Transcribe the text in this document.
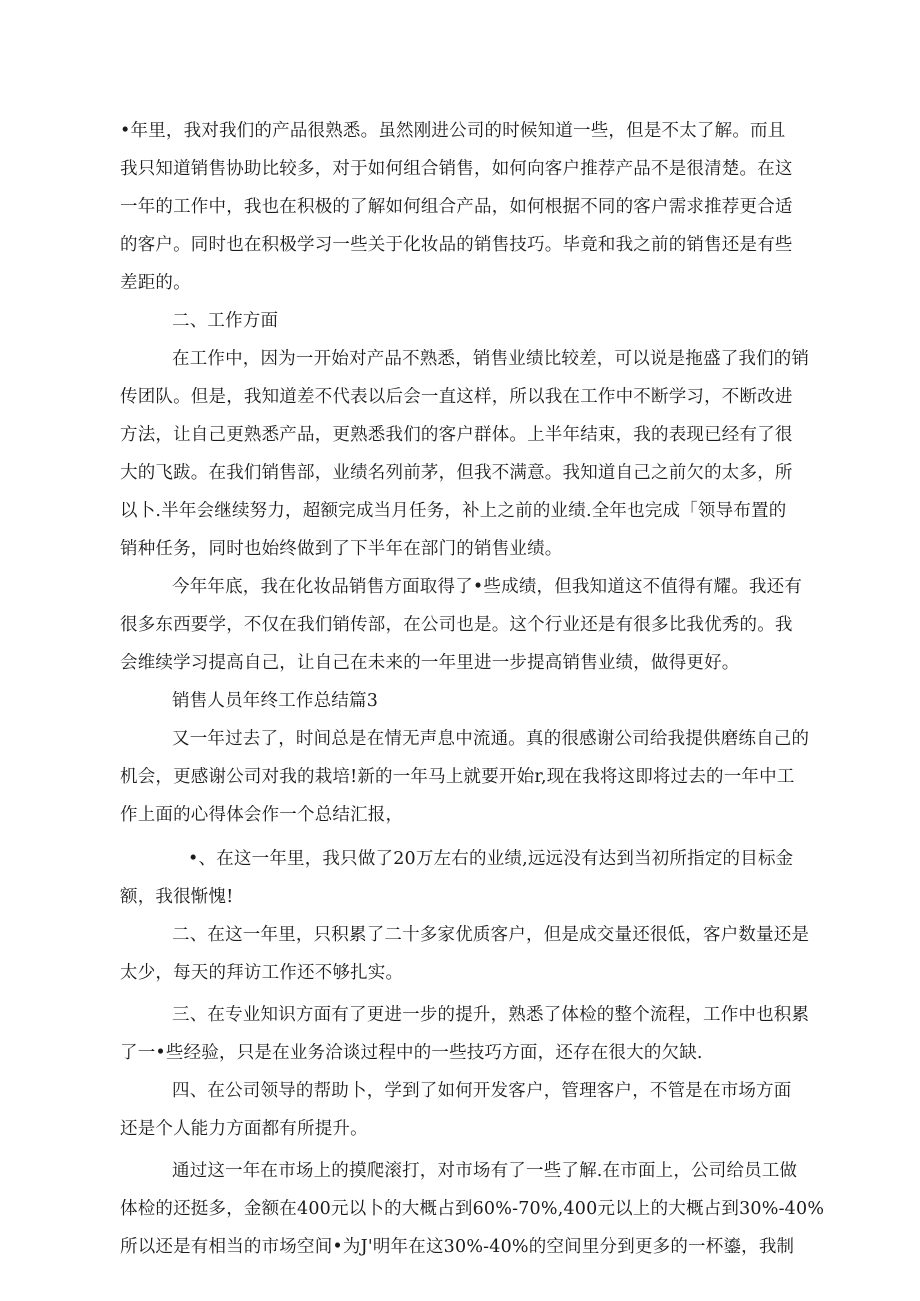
•年里，我对我们的产品很熟悉。虽然刚进公司的时候知道一些，但是不太了解。而且
我只知道销售协助比较多，对于如何组合销售，如何向客户推荐产品不是很清楚。在这
一年的工作中，我也在积极的了解如何组合产品，如何根据不同的客户需求推荐更合适
的客户。同时也在积极学习一些关于化妆品的销售技巧。毕竟和我之前的销售还是有些
差距的。
二、工作方面
在工作中，因为一开始对产品不熟悉，销售业绩比较差，可以说是拖盛了我们的销
传团队。但是，我知道差不代表以后会一直这样，所以我在工作中不断学习，不断改进
方法，让自己更熟悉产品，更熟悉我们的客户群体。上半年结束，我的表现已经有了很
大的飞跋。在我们销售部，业绩名列前茅，但我不满意。我知道自己之前欠的太多，所
以卜.半年会继续努力，超额完成当月任务，补上之前的业绩.全年也完成「领导布置的
销种任务，同时也始终做到了下半年在部门的销售业绩。
今年年底，我在化妆品销售方面取得了•些成绩，但我知道这不值得有耀。我还有
很多东西要学，不仅在我们销传部，在公司也是。这个行业还是有很多比我优秀的。我
会维续学习提高自己，让自己在未来的一年里进一步提高销售业绩，做得更好。
销售人员年终工作总结篇3
又一年过去了，时间总是在情无声息中流通。真的很感谢公司给我提供磨练自己的
机会，更感谢公司对我的栽培!新的一年马上就要开始r,现在我将这即将过去的一年中工
作上面的心得体会作一个总结汇报，
•、在这一年里，我只做了20万左右的业绩,远远没有达到当初所指定的目标金
额，我很惭愧!
二、在这一年里，只积累了二十多家优质客户，但是成交量还很低，客户数量还是
太少，每天的拜访工作还不够扎实。
三、在专业知识方面有了更进一步的提升，熟悉了体检的整个流程，工作中也积累
了一•些经验，只是在业务洽谈过程中的一些技巧方面，还存在很大的欠缺.
四、在公司领导的帮助卜，学到了如何开发客户，管理客户，不管是在市场方面
还是个人能力方面都有所提升。
通过这一年在市场上的摸爬滚打，对市场有了一些了解.在市面上，公司给员工做
体检的还挺多，金额在400元以卜的大概占到60%-70%,400元以上的大概占到30%-40%
所以还是有相当的市场空间•为J'明年在这30%-40%的空间里分到更多的一杯鎏，我制
